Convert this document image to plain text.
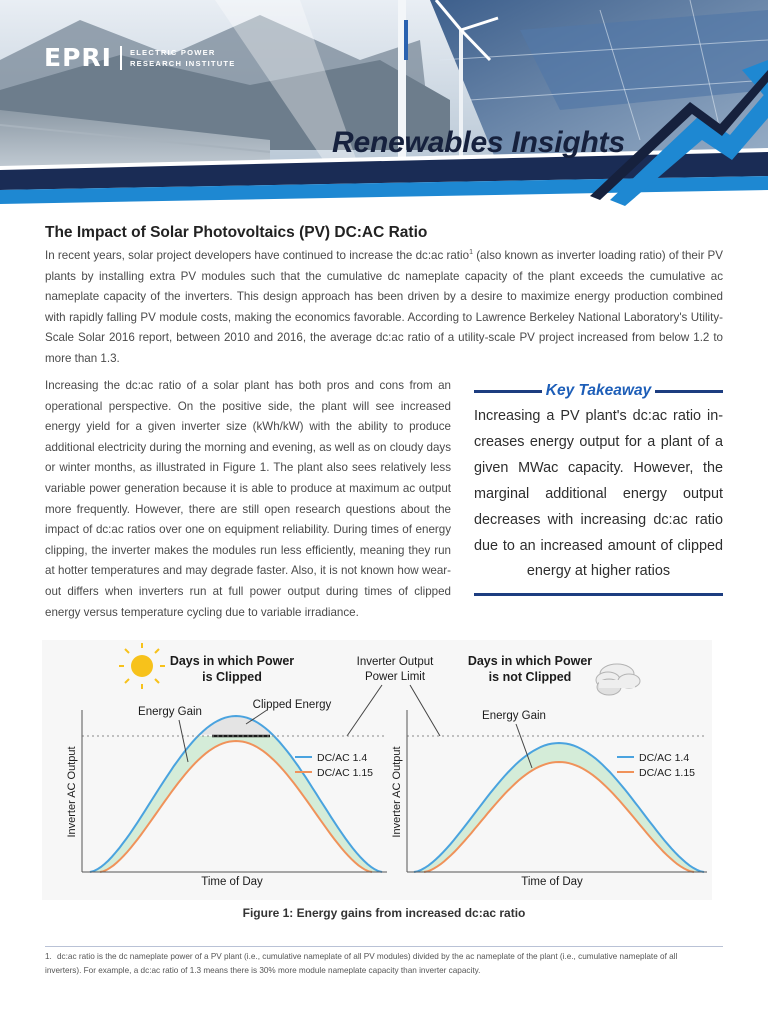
EPRI ELECTRIC POWER
RESEARCH INSTITUTE
Renewables Insights
The Impact of Solar Photovoltaics (PV) DC:AC Ratio

In recent years, solar project developers have continued to increase the dc:ac ratio$^1$ (also known as inverter loading ratio) of their PV plants by installing extra PV modules such that the cumulative dc nameplate capacity of the plant exceeds the cumulative ac nameplate capacity of the inverters. This design approach has been driven by a desire to maximize energy production combined with rapidly falling PV module costs, making the economics favorable. According to Lawrence Berkeley National Laboratory's Utility-Scale Solar 2016 report, between 2010 and 2016, the average dc:ac ratio of a utility-scale PV project increased from below 1.2 to more than 1.3.

Increasing the dc:ac ratio of a solar plant has both pros and cons from an operational perspective. On the positive side, the plant will see increased energy yield for a given inverter size (kWh/kW) with the ability to produce additional electricity during the morning and evening, as well as on cloudy days or winter months, as illustrated in Figure 1. The plant also sees relatively less variable power generation because it is able to produce at maximum ac output more frequently. However, there are still open research questions about the impact of dc:ac ratios over one on equipment reliability. During times of energy clipping, the inverter makes the modules run less efficiently, meaning they run at hotter temperatures and may degrade faster. Also, it is not known how wear-out differs when inverters run at full power output during times of clipped energy versus temperature cycling due to variable irradiance.

Key Takeaway

Increasing a PV plant's dc:ac ratio in-creases energy output for a plant of a given MWac capacity. However, the marginal additional energy output decreases with increasing dc:ac ratio due to an increased amount of clipped energy at higher ratios

Days in which Power
is Clipped
Inverter Output
Power Limit
Days in which Power
is not Clipped
Inverter AC Output
Time of Day
Energy Gain
Clipped Energy
DC/AC 1.4
DC/AC 1.15 Inverter AC Output
Time of Day
Energy Gain
DC/AC 1.4
DC/AC 1.15

Figure 1: Energy gains from increased dc:ac ratio

1. dc:ac ratio is the dc nameplate power of a PV plant (i.e., cumulative nameplate of all PV modules) divided by the ac nameplate of the plant (i.e., cumulative nameplate of all inverters). For example, a dc:ac ratio of 1.3 means there is 30% more module nameplate capacity than inverter capacity.
